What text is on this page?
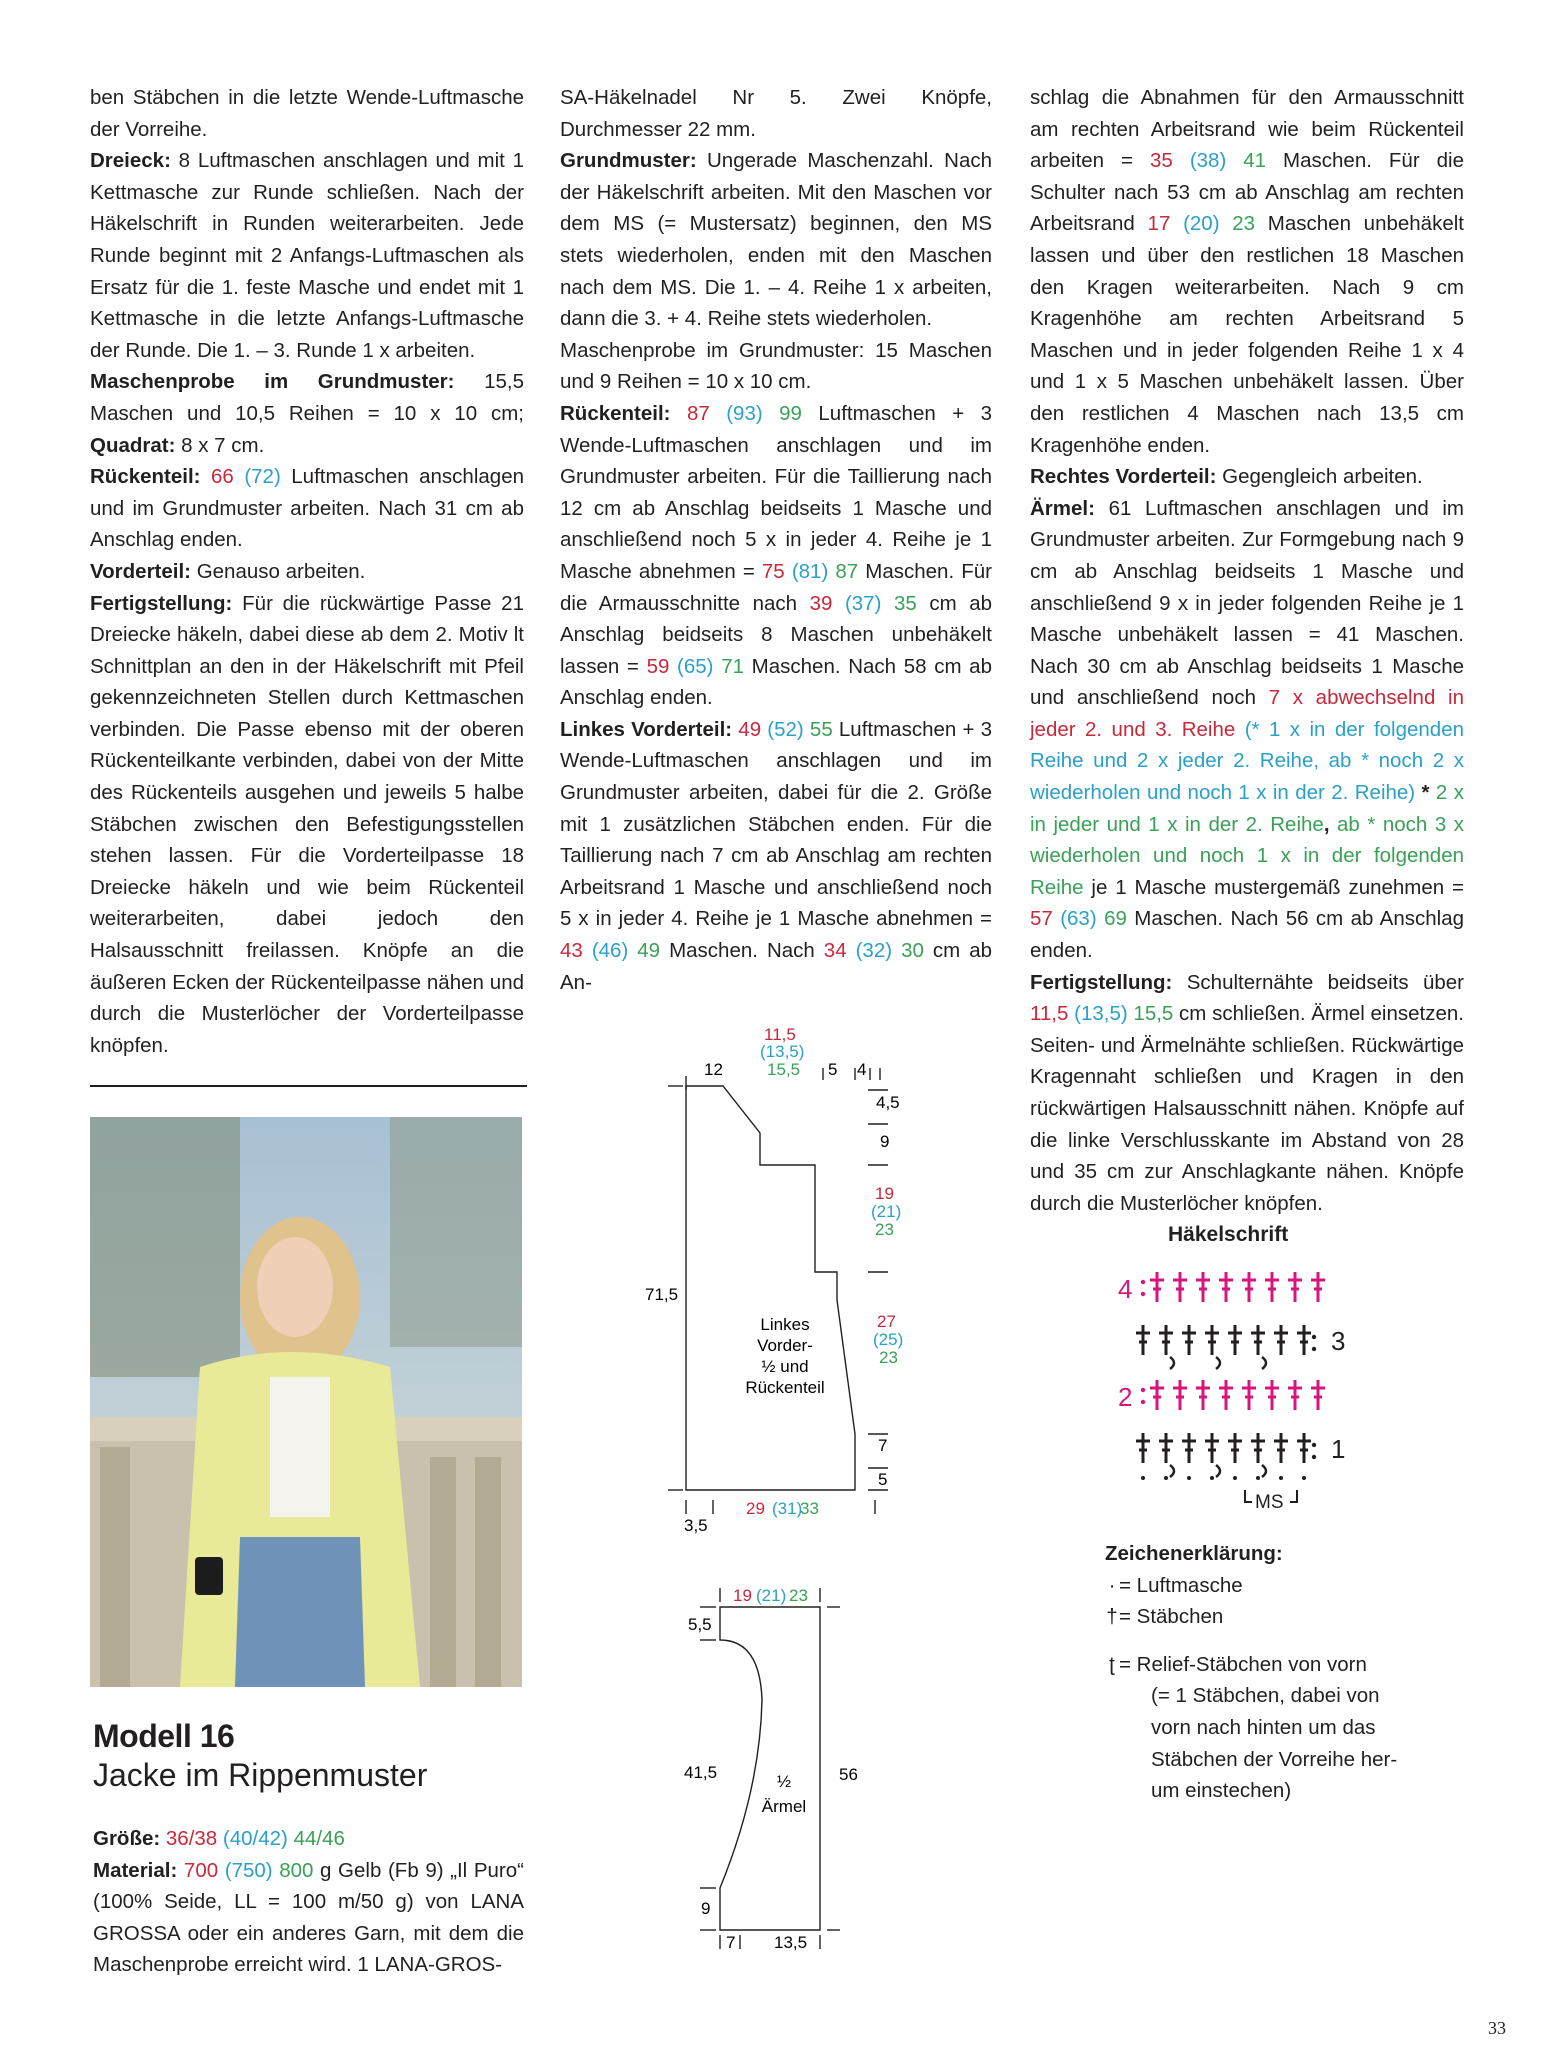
ben Stäbchen in die letzte Wende-Luftmasche der Vorreihe.

Dreieck: 8 Luftmaschen anschlagen und mit 1 Kettmasche zur Runde schließen. Nach der Häkelschrift in Runden weiterarbeiten. Jede Runde beginnt mit 2 Anfangs-Luftmaschen als Ersatz für die 1. feste Masche und endet mit 1 Kettmasche in die letzte Anfangs-Luftmasche der Runde. Die 1. – 3. Runde 1 x arbeiten.

Maschenprobe im Grundmuster: 15,5 Maschen und 10,5 Reihen = 10 x 10 cm; Quadrat: 8 x 7 cm.

Rückenteil: 66 (72) Luftmaschen anschlagen und im Grundmuster arbeiten. Nach 31 cm ab Anschlag enden.

Vorderteil: Genauso arbeiten.

Fertigstellung: Für die rückwärtige Passe 21 Dreiecke häkeln, dabei diese ab dem 2. Motiv lt Schnittplan an den in der Häkelschrift mit Pfeil gekennzeichneten Stellen durch Kettmaschen verbinden. Die Passe ebenso mit der oberen Rückenteilkante verbinden, dabei von der Mitte des Rückenteils ausgehen und jeweils 5 halbe Stäbchen zwischen den Befestigungsstellen stehen lassen. Für die Vorderteilpasse 18 Dreiecke häkeln und wie beim Rückenteil weiterarbeiten, dabei jedoch den Halsausschnitt freilassen. Knöpfe an die äußeren Ecken der Rückenteilpasse nähen und durch die Musterlöcher der Vorderteilpasse knöpfen.

Modell 16
Jacke im Rippenmuster

Größe: 36/38 (40/42) 44/46

Material: 700 (750) 800 g Gelb (Fb 9) „Il Puro“ (100% Seide, LL = 100 m/50 g) von LANA GROSSA oder ein anderes Garn, mit dem die Maschenprobe erreicht wird. 1 LANA-GROS-

SA-Häkelnadel Nr 5. Zwei Knöpfe, Durchmesser 22 mm.

Grundmuster: Ungerade Maschenzahl. Nach der Häkelschrift arbeiten. Mit den Maschen vor dem MS (= Mustersatz) beginnen, den MS stets wiederholen, enden mit den Maschen nach dem MS. Die 1. – 4. Reihe 1 x arbeiten, dann die 3. + 4. Reihe stets wiederholen.

Maschenprobe im Grundmuster: 15 Maschen und 9 Reihen = 10 x 10 cm.

Rückenteil: 87 (93) 99 Luftmaschen + 3 Wende-Luftmaschen anschlagen und im Grundmuster arbeiten. Für die Taillierung nach 12 cm ab Anschlag beidseits 1 Masche und anschließend noch 5 x in jeder 4. Reihe je 1 Masche abnehmen = 75 (81) 87 Maschen. Für die Armausschnitte nach 39 (37) 35 cm ab Anschlag beidseits 8 Maschen unbehäkelt lassen = 59 (65) 71 Maschen. Nach 58 cm ab Anschlag enden.

Linkes Vorderteil: 49 (52) 55 Luftmaschen + 3 Wende-Luftmaschen anschlagen und im Grundmuster arbeiten, dabei für die 2. Größe mit 1 zusätzlichen Stäbchen enden. Für die Taillierung nach 7 cm ab Anschlag am rechten Arbeitsrand 1 Masche und anschließend noch 5 x in jeder 4. Reihe je 1 Masche abnehmen = 43 (46) 49 Maschen. Nach 34 (32) 30 cm ab An-

11,5
(13,5)
15,5
12	5 4
4,5
9
19
(21)
23
27
(25)
23
7
5
71,5
3,5
29 (31)
33
Linkes
Vorder-
½ und
Rückenteil
19 (21) 23
5,5
41,5
9
56
7 13,5
½
Ärmel

schlag die Abnahmen für den Armausschnitt am rechten Arbeitsrand wie beim Rückenteil arbeiten = 35 (38) 41 Maschen. Für die Schulter nach 53 cm ab Anschlag am rechten Arbeitsrand 17 (20) 23 Maschen unbehäkelt lassen und über den restlichen 18 Maschen den Kragen weiterarbeiten. Nach 9 cm Kragenhöhe am rechten Arbeitsrand 5 Maschen und in jeder folgenden Reihe 1 x 4 und 1 x 5 Maschen unbehäkelt lassen. Über den restlichen 4 Maschen nach 13,5 cm Kragenhöhe enden.

Rechtes Vorderteil: Gegengleich arbeiten.

Ärmel: 61 Luftmaschen anschlagen und im Grundmuster arbeiten. Zur Formgebung nach 9 cm ab Anschlag beidseits 1 Masche und anschließend 9 x in jeder folgenden Reihe je 1 Masche unbehäkelt lassen = 41 Maschen. Nach 30 cm ab Anschlag beidseits 1 Masche und anschließend noch 7 x abwechselnd in jeder 2. und 3. Reihe (* 1 x in der folgenden Reihe und 2 x jeder 2. Reihe, ab * noch 2 x wiederholen und noch 1 x in der 2. Reihe) * 2 x in jeder und 1 x in der 2. Reihe, ab * noch 3 x wiederholen und noch 1 x in der folgenden Reihe je 1 Masche mustergemäß zunehmen = 57 (63) 69 Maschen. Nach 56 cm ab Anschlag enden.

Fertigstellung: Schulternähte beidseits über 11,5 (13,5) 15,5 cm schließen. Ärmel einsetzen. Seiten- und Ärmelnähte schließen. Rückwärtige Kragennaht schließen und Kragen in den rückwärtigen Halsausschnitt nähen. Knöpfe auf die linke Verschlusskante im Abstand von 28 und 35 cm zur Anschlagkante nähen. Knöpfe durch die Musterlöcher knöpfen.

Häkelschrift
4
3
2
1
MS
Zeichenerklärung:
· = Luftmasche
†= Stäbchen
ʈ = Relief-Stäbchen von vorn
(= 1 Stäbchen, dabei von
vorn nach hinten um das
Stäbchen der Vorreihe her-
um einstechen)
33
